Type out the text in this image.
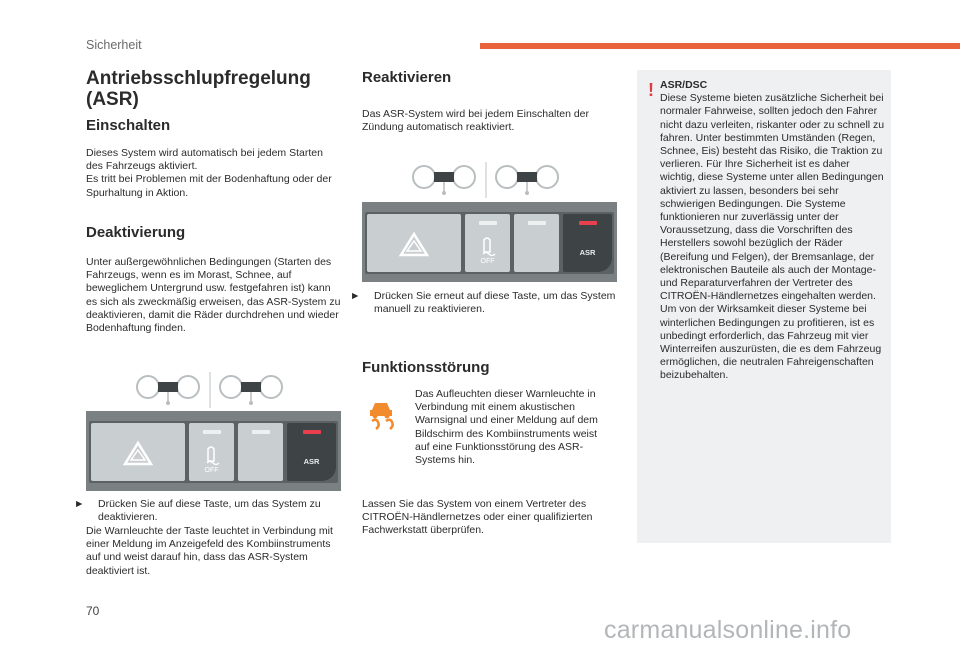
Sicherheit
Antriebsschlupfregelung (ASR)
Einschalten
Dieses System wird automatisch bei jedem Starten des Fahrzeugs aktiviert.
Es tritt bei Problemen mit der Bodenhaftung oder der Spurhaltung in Aktion.
Deaktivierung
Unter außergewöhnlichen Bedingungen (Starten des Fahrzeugs, wenn es im Morast, Schnee, auf beweglichem Untergrund usw. festgefahren ist) kann es sich als zweckmäßig erweisen, das ASR-System zu deaktivieren, damit die Räder durchdrehen und wieder Bodenhaftung finden.
OFF
ASR
► Drücken Sie auf diese Taste, um das System zu deaktivieren.
Die Warnleuchte der Taste leuchtet in Verbindung mit einer Meldung im Anzeigefeld des Kombiinstruments auf und weist darauf hin, dass das ASR-System deaktiviert ist.
Reaktivieren
Das ASR-System wird bei jedem Einschalten der Zündung automatisch reaktiviert.
OFF
ASR
► Drücken Sie erneut auf diese Taste, um das System manuell zu reaktivieren.
Funktionsstörung
Das Aufleuchten dieser Warnleuchte in Verbindung mit einem akustischen Warnsignal und einer Meldung auf dem Bildschirm des Kombiinstruments weist auf eine Funktionsstörung des ASR-Systems hin.
Lassen Sie das System von einem Vertreter des CITROËN-Händlernetzes oder einer qualifizierten Fachwerkstatt überprüfen.
! ASR/DSC
Diese Systeme bieten zusätzliche Sicherheit bei normaler Fahrweise, sollten jedoch den Fahrer nicht dazu verleiten, riskanter oder zu schnell zu fahren. Unter bestimmten Umständen (Regen, Schnee, Eis) besteht das Risiko, die Traktion zu verlieren. Für Ihre Sicherheit ist es daher wichtig, diese Systeme unter allen Bedingungen aktiviert zu lassen, besonders bei sehr schwierigen Bedingungen. Die Systeme funktionieren nur zuverlässig unter der Voraussetzung, dass die Vorschriften des Herstellers sowohl bezüglich der Räder (Bereifung und Felgen), der Bremsanlage, der elektronischen Bauteile als auch der Montage- und Reparaturverfahren der Vertreter des CITROËN-Händlernetzes eingehalten werden. Um von der Wirksamkeit dieser Systeme bei winterlichen Bedingungen zu profitieren, ist es unbedingt erforderlich, das Fahrzeug mit vier Winterreifen auszurüsten, die es dem Fahrzeug ermöglichen, die neutralen Fahreigenschaften beizubehalten.
70
carmanualsonline.info
